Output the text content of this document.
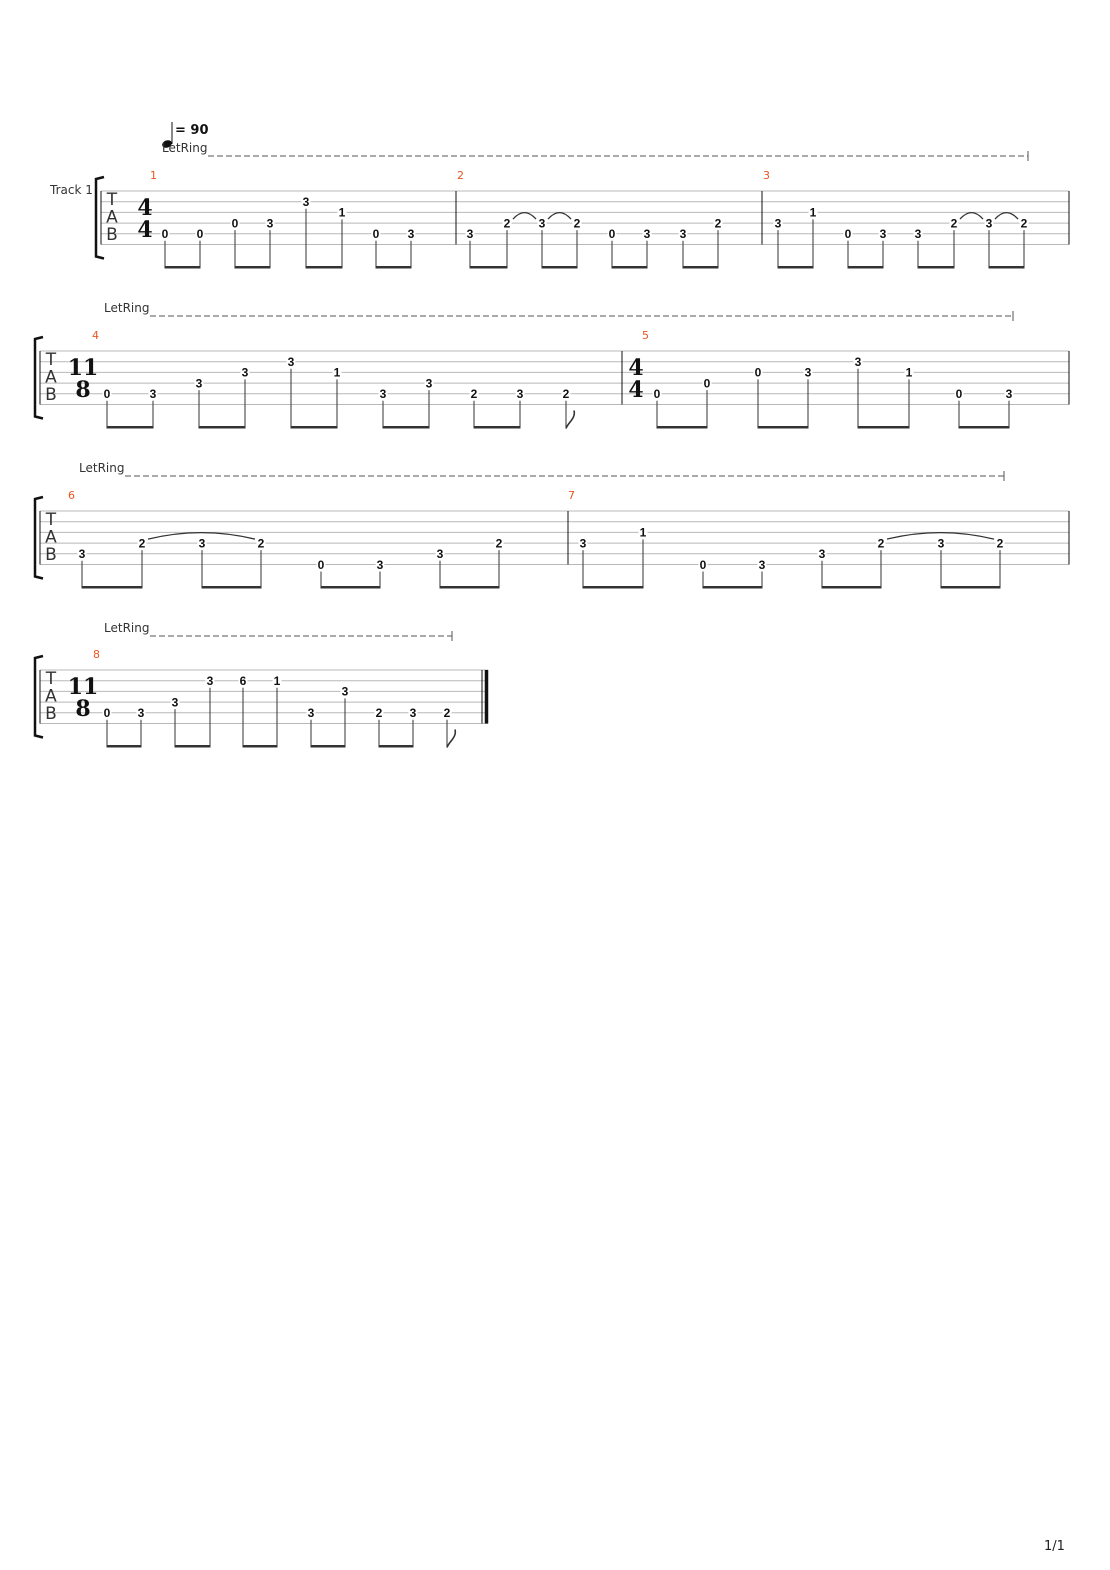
= 90
T
A
B
Track 1
LetRing
1
4
4 0 0
0 3
3
1
0 3
2
3
2 3 2
0 3 3
2
3
3
1
0 3 3
2 3 2
T
A
B
LetRing
4
11
8 0	3
3
3
3
1
3
3
2	3	2
5
4
4 0
0
0	3
3
1
0	3
T
A
B
LetRing
6
3
2	3	2
0	3
3
2
7
3
1
0	3
3
2	3	2
T
A
B
LetRing
8
11
8 0 3
3
3 6 1
3
3
2 3 2
1/1
